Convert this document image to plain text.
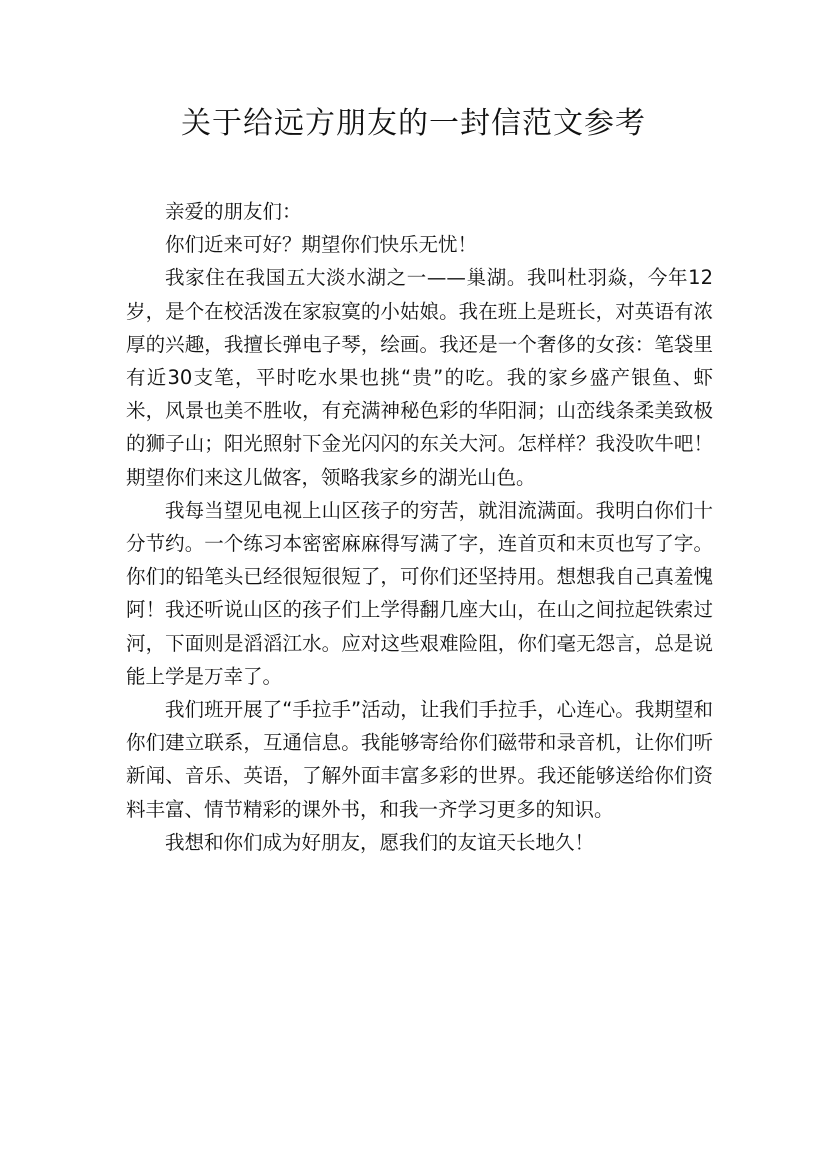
关于给远方朋友的一封信范文参考

亲爱的朋友们：

你们近来可好？期望你们快乐无忧！

我家住在我国五大淡水湖之一——巢湖。我叫杜羽焱，今年12岁，是个在校活泼在家寂寞的小姑娘。我在班上是班长，对英语有浓厚的兴趣，我擅长弹电子琴，绘画。我还是一个奢侈的女孩：笔袋里有近30支笔，平时吃水果也挑“贵”的吃。我的家乡盛产银鱼、虾米，风景也美不胜收，有充满神秘色彩的华阳洞；山峦线条柔美致极的狮子山；阳光照射下金光闪闪的东关大河。怎样样？我没吹牛吧！期望你们来这儿做客，领略我家乡的湖光山色。

我每当望见电视上山区孩子的穷苦，就泪流满面。我明白你们十分节约。一个练习本密密麻麻得写满了字，连首页和末页也写了字。你们的铅笔头已经很短很短了，可你们还坚持用。想想我自己真羞愧阿！我还听说山区的孩子们上学得翻几座大山，在山之间拉起铁索过河，下面则是滔滔江水。应对这些艰难险阻，你们毫无怨言，总是说能上学是万幸了。

我们班开展了“手拉手”活动，让我们手拉手，心连心。我期望和你们建立联系，互通信息。我能够寄给你们磁带和录音机，让你们听新闻、音乐、英语，了解外面丰富多彩的世界。我还能够送给你们资料丰富、情节精彩的课外书，和我一齐学习更多的知识。

我想和你们成为好朋友，愿我们的友谊天长地久！
